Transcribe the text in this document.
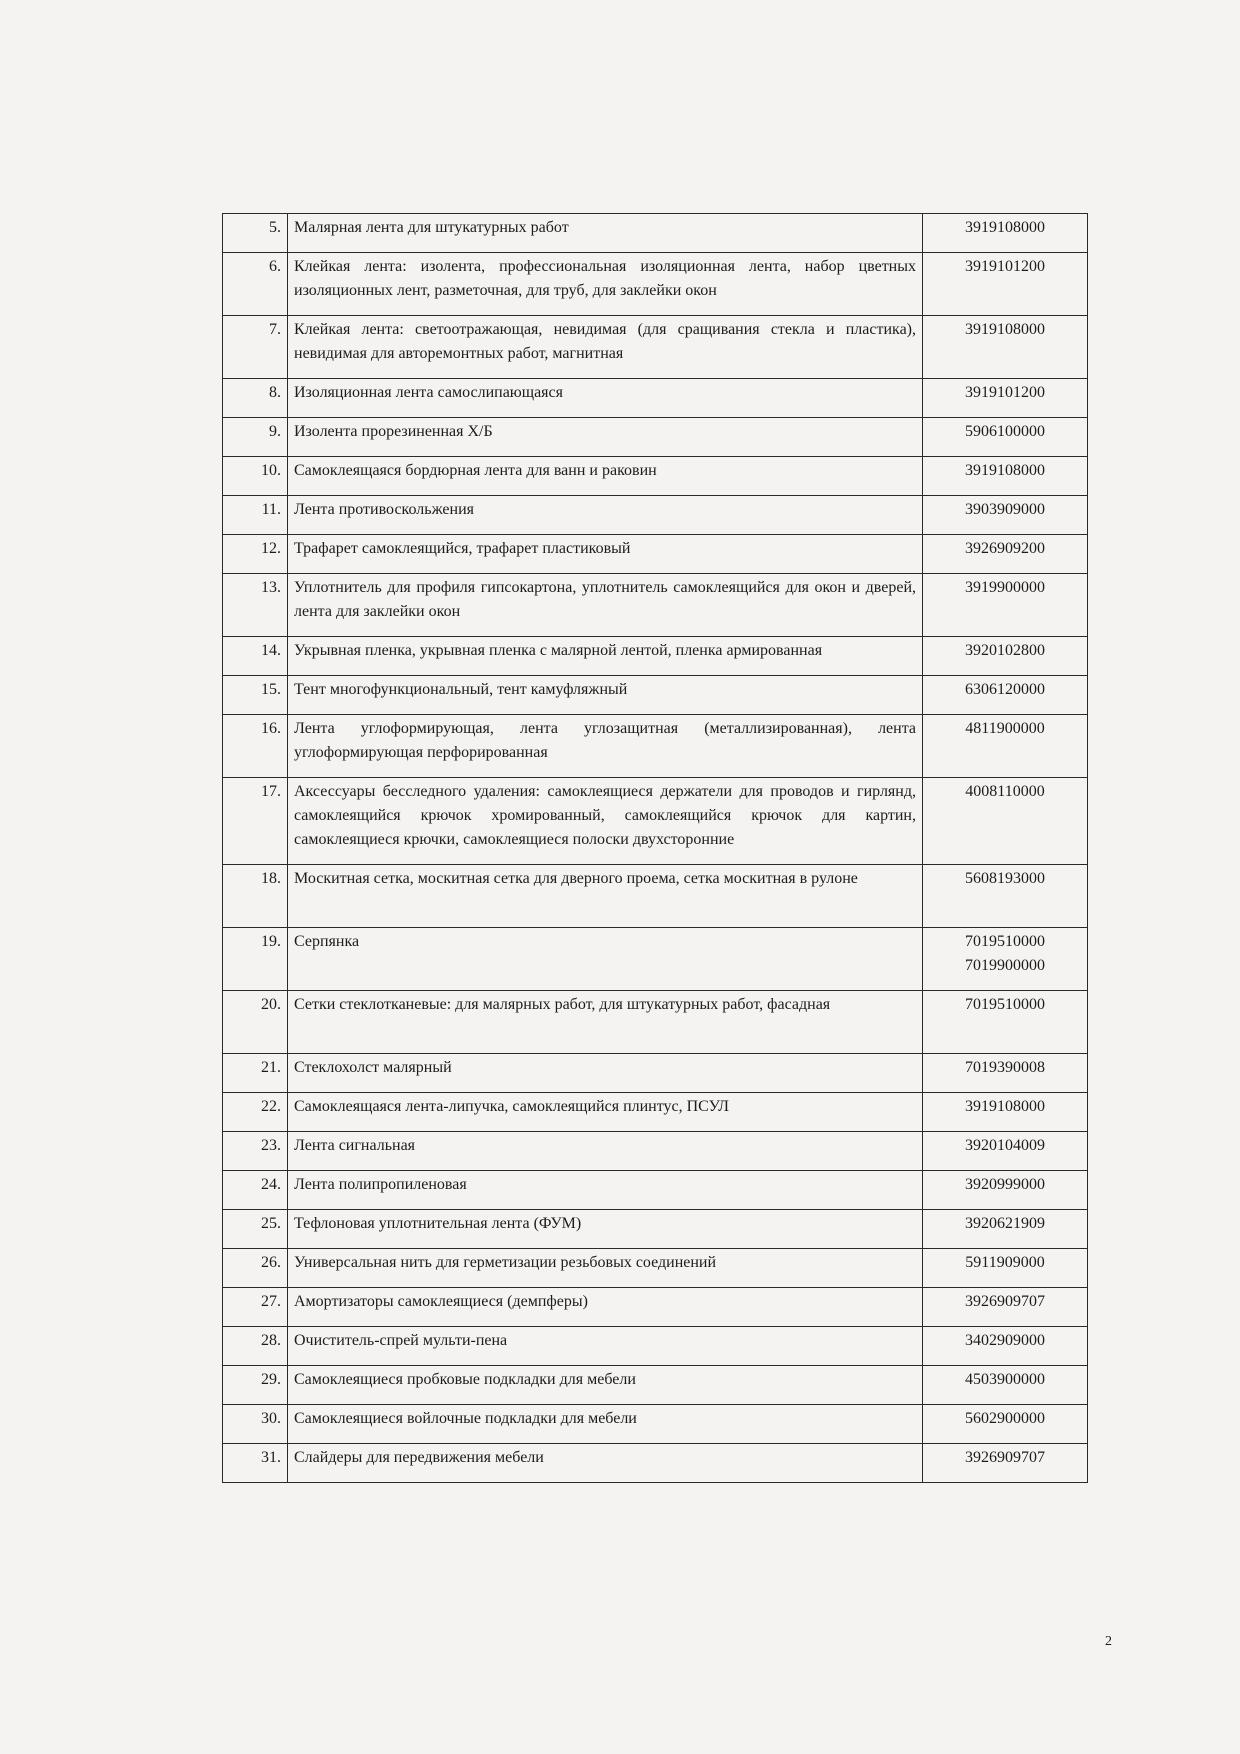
5.	Малярная лента для штукатурных работ	3919108000

6.	Клейкая лента: изолента, профессиональная изоляционная лента, набор цветных изоляционных лент, разметочная, для труб, для заклейки окон	3919101200

7.	Клейкая лента: светоотражающая, невидимая (для сращивания стекла и пластика), невидимая для авторемонтных работ, магнитная	3919108000

8.	Изоляционная лента самослипающаяся	3919101200

9.	Изолента прорезиненная Х/Б	5906100000

10.	Самоклеящаяся бордюрная лента для ванн и раковин	3919108000

11.	Лента противоскольжения	3903909000

12.	Трафарет самоклеящийся, трафарет пластиковый	3926909200

13.	Уплотнитель для профиля гипсокартона, уплотнитель самоклеящийся для окон и дверей, лента для заклейки окон	3919900000

14.	Укрывная пленка, укрывная пленка с малярной лентой, пленка армированная	3920102800

15.	Тент многофункциональный, тент камуфляжный	6306120000

16.	Лента углоформирующая, лента углозащитная (металлизированная), лента углоформирующая перфорированная	4811900000

17.	Аксессуары бесследного удаления: самоклеящиеся держатели для проводов и гирлянд, самоклеящийся крючок хромированный, самоклеящийся крючок для картин, самоклеящиеся крючки, самоклеящиеся полоски двухсторонние	4008110000

18.	Москитная сетка, москитная сетка для дверного проема, сетка москитная в рулоне	5608193000

19.	Серпянка	7019510000
7019900000

20.	Сетки стеклотканевые: для малярных работ, для штукатурных работ, фасадная	7019510000

21.	Стеклохолст малярный	7019390008

22.	Самоклеящаяся лента-липучка, самоклеящийся плинтус, ПСУЛ	3919108000

23.	Лента сигнальная	3920104009

24.	Лента полипропиленовая	3920999000

25.	Тефлоновая уплотнительная лента (ФУМ)	3920621909

26.	Универсальная нить для герметизации резьбовых соединений	5911909000

27.	Амортизаторы самоклеящиеся (демпферы)	3926909707

28.	Очиститель-спрей мульти-пена	3402909000

29.	Самоклеящиеся пробковые подкладки для мебели	4503900000

30.	Самоклеящиеся войлочные подкладки для мебели	5602900000

31.	Слайдеры для передвижения мебели	3926909707
2
